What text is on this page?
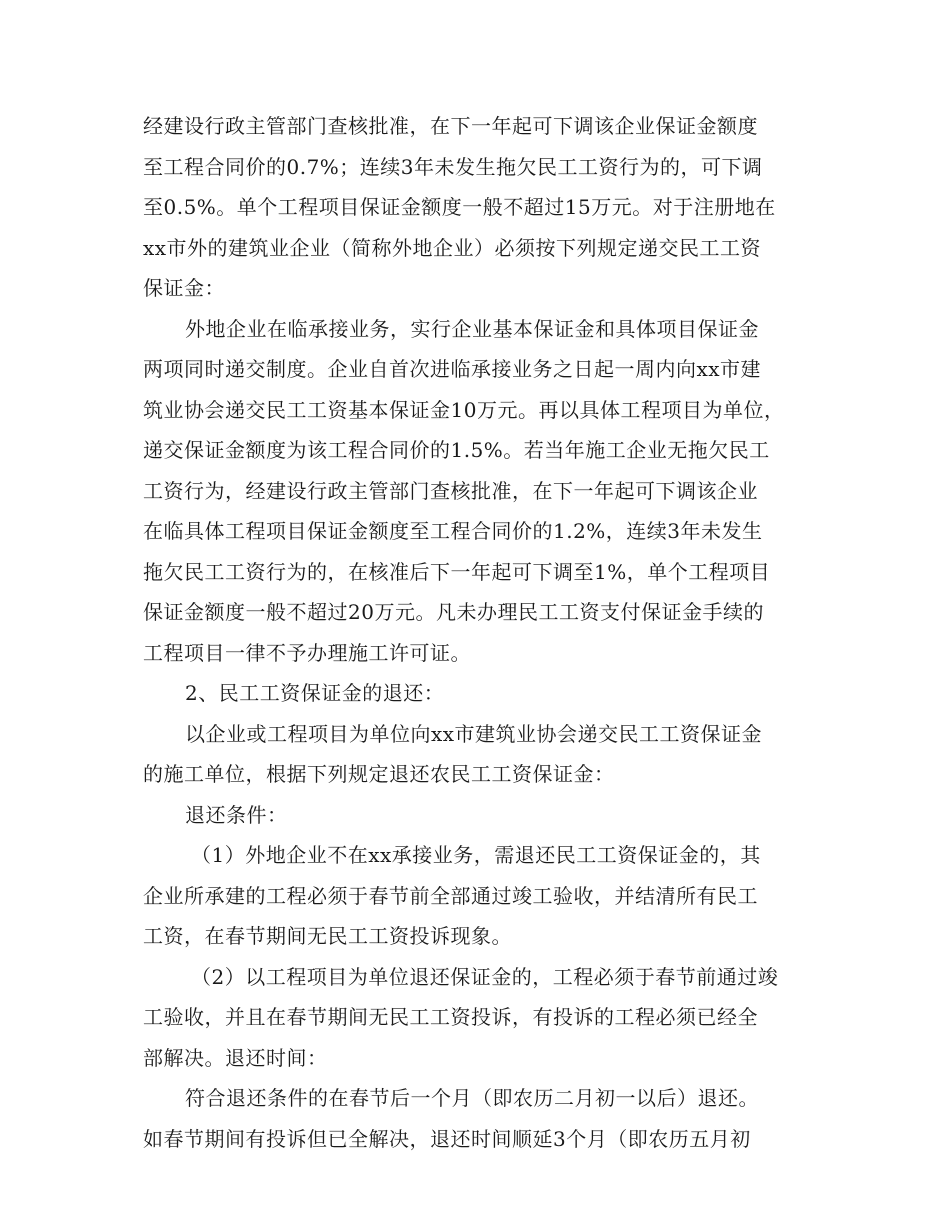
经建设行政主管部门查核批准，在下一年起可下调该企业保证金额度
至工程合同价的0.7%；连续3年未发生拖欠民工工资行为的，可下调
至0.5%。单个工程项目保证金额度一般不超过15万元。对于注册地在
xx市外的建筑业企业（简称外地企业）必须按下列规定递交民工工资
保证金：
外地企业在临承接业务，实行企业基本保证金和具体项目保证金
两项同时递交制度。企业自首次进临承接业务之日起一周内向xx市建
筑业协会递交民工工资基本保证金10万元。再以具体工程项目为单位，
递交保证金额度为该工程合同价的1.5%。若当年施工企业无拖欠民工
工资行为，经建设行政主管部门查核批准，在下一年起可下调该企业
在临具体工程项目保证金额度至工程合同价的1.2%，连续3年未发生
拖欠民工工资行为的，在核准后下一年起可下调至1%，单个工程项目
保证金额度一般不超过20万元。凡未办理民工工资支付保证金手续的
工程项目一律不予办理施工许可证。
2、民工工资保证金的退还：
以企业或工程项目为单位向xx市建筑业协会递交民工工资保证金
的施工单位，根据下列规定退还农民工工资保证金：
退还条件：
（1）外地企业不在xx承接业务，需退还民工工资保证金的，其
企业所承建的工程必须于春节前全部通过竣工验收，并结清所有民工
工资，在春节期间无民工工资投诉现象。
（2）以工程项目为单位退还保证金的，工程必须于春节前通过竣
工验收，并且在春节期间无民工工资投诉，有投诉的工程必须已经全
部解决。退还时间：
符合退还条件的在春节后一个月（即农历二月初一以后）退还。
如春节期间有投诉但已全解决，退还时间顺延3个月（即农历五月初
